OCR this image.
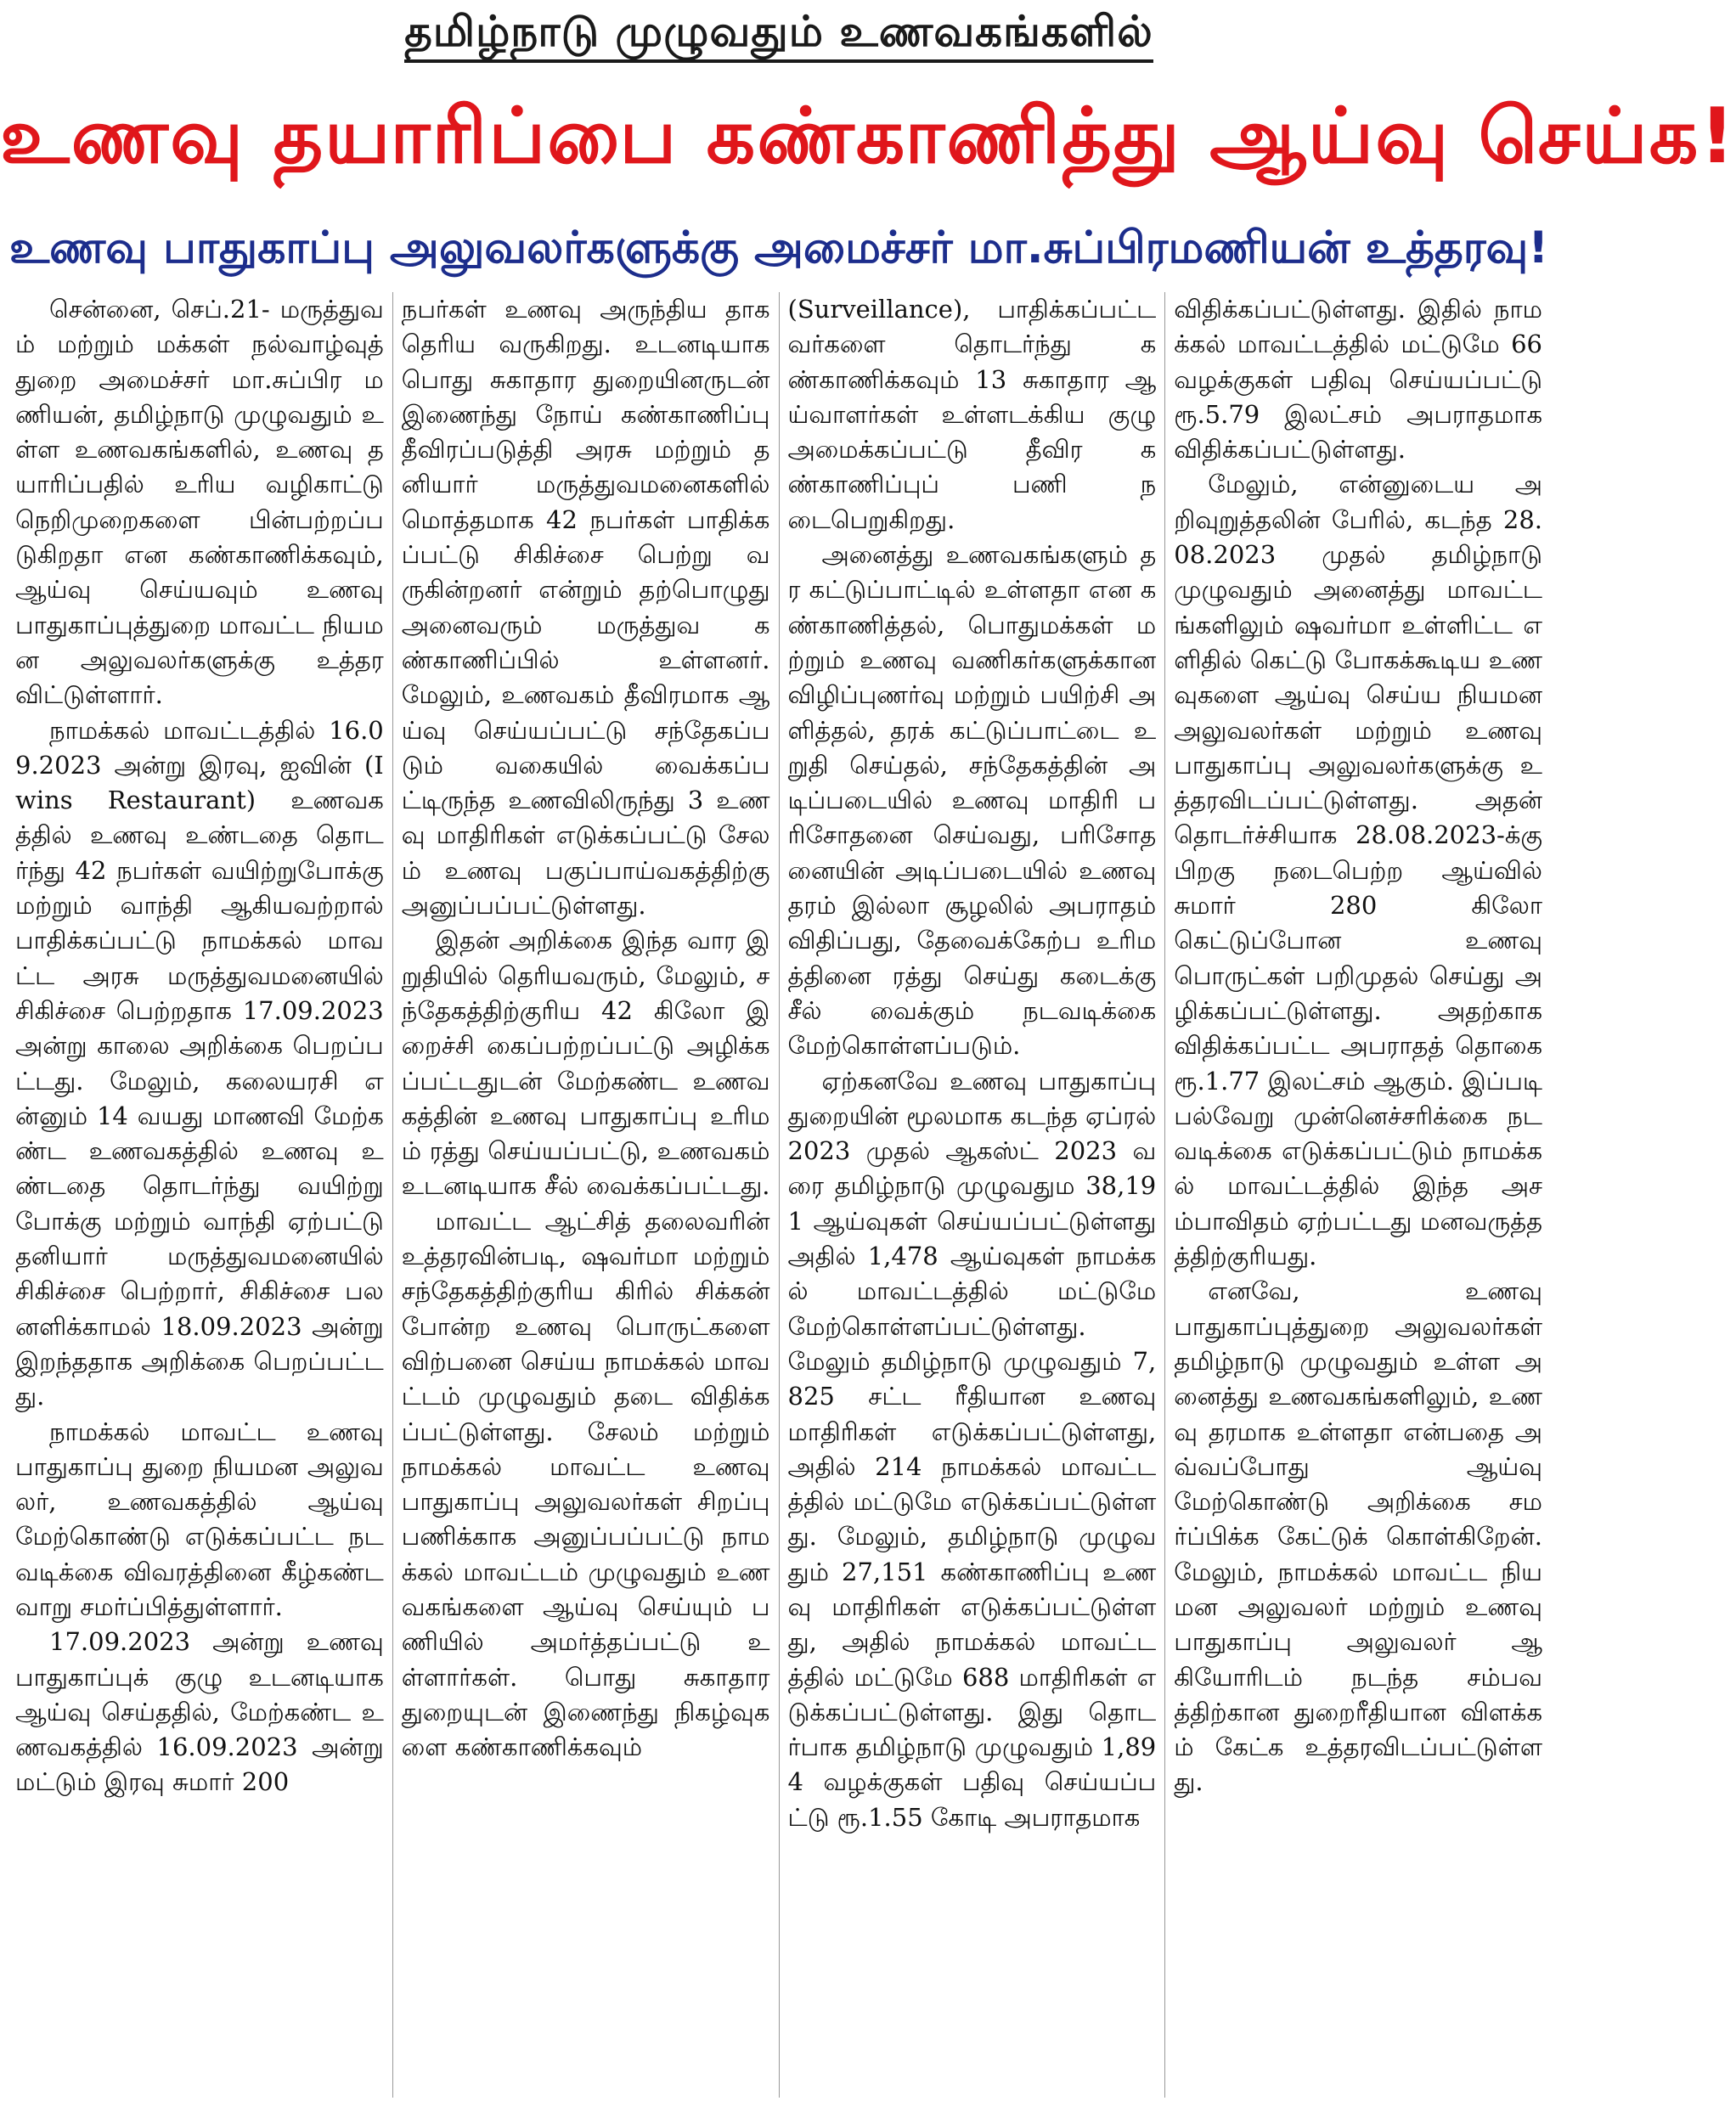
தமிழ்நாடு முழுவதும் உணவகங்களில்
உணவு தயாரிப்பை கண்காணித்து ஆய்வு செய்க!
உணவு பாதுகாப்பு அலுவலர்களுக்கு அமைச்சர் மா.சுப்பிரமணியன் உத்தரவு!

சென்னை, செப்.21- மருத்துவம் மற்றும் மக்கள் நல்வாழ்வுத் துறை அமைச்சர் மா.சுப்பிர மணியன், தமிழ்நாடு முழுவதும் உள்ள உணவகங்களில், உணவு தயாரிப்பதில் உரிய வழிகாட்டு நெறிமுறைகளை பின்பற்றப்படுகிறதா என கண்காணிக்கவும், ஆய்வு செய்யவும் உணவு பாதுகாப்புத்துறை மாவட்ட நியமன அலுவலர்களுக்கு உத்தரவிட்டுள்ளார்.

நாமக்கல் மாவட்டத்தில் 16.09.2023 அன்று இரவு, ஐவின் (Iwins Restaurant) உணவகத்தில் உணவு உண்டதை தொடர்ந்து 42 நபர்கள் வயிற்றுபோக்கு மற்றும் வாந்தி ஆகியவற்றால் பாதிக்கப்பட்டு நாமக்கல் மாவட்ட அரசு மருத்துவமனையில் சிகிச்சை பெற்றதாக 17.09.2023 அன்று காலை அறிக்கை பெறப்பட்டது. மேலும், கலையரசி என்னும் 14 வயது மாணவி மேற்கண்ட உணவகத்தில் உணவு உண்டதை தொடர்ந்து வயிற்று போக்கு மற்றும் வாந்தி ஏற்பட்டு தனியார் மருத்துவமனையில் சிகிச்சை பெற்றார், சிகிச்சை பலனளிக்காமல் 18.09.2023 அன்று இறந்ததாக அறிக்கை பெறப்பட்டது.

நாமக்கல் மாவட்ட உணவு பாதுகாப்பு துறை நியமன அலுவலர், உணவகத்தில் ஆய்வு மேற்கொண்டு எடுக்கப்பட்ட நடவடிக்கை விவரத்தினை கீழ்கண்டவாறு சமர்ப்பித்துள்ளார்.

17.09.2023 அன்று உணவு பாதுகாப்புக் குழு உடனடியாக ஆய்வு செய்ததில், மேற்கண்ட உணவகத்தில் 16.09.2023 அன்று மட்டும் இரவு சுமார் 200

நபர்கள் உணவு அருந்திய தாக தெரிய வருகிறது. உடனடியாக பொது சுகாதார துறையினருடன் இணைந்து நோய் கண்காணிப்பு தீவிரப்படுத்தி அரசு மற்றும் தனியார் மருத்துவமனைகளில் மொத்தமாக 42 நபர்கள் பாதிக்கப்பட்டு சிகிச்சை பெற்று வருகின்றனர் என்றும் தற்பொழுது அனைவரும் மருத்துவ கண்காணிப்பில் உள்ளனர். மேலும், உணவகம் தீவிரமாக ஆய்வு செய்யப்பட்டு சந்தேகப்படும் வகையில் வைக்கப்பட்டிருந்த உணவிலிருந்து 3 உணவு மாதிரிகள் எடுக்கப்பட்டு சேலம் உணவு பகுப்பாய்வகத்திற்கு அனுப்பப்பட்டுள்ளது.

இதன் அறிக்கை இந்த வார இறுதியில் தெரியவரும், மேலும், சந்தேகத்திற்குரிய 42 கிலோ இறைச்சி கைப்பற்றப்பட்டு அழிக்கப்பட்டதுடன் மேற்கண்ட உணவகத்தின் உணவு பாதுகாப்பு உரிமம் ரத்து செய்யப்பட்டு, உணவகம் உடனடியாக சீல் வைக்கப்பட்டது.

மாவட்ட ஆட்சித் தலைவரின் உத்தரவின்படி, ஷவர்மா மற்றும் சந்தேகத்திற்குரிய கிரில் சிக்கன் போன்ற உணவு பொருட்களை விற்பனை செய்ய நாமக்கல் மாவட்டம் முழுவதும் தடை விதிக்கப்பட்டுள்ளது. சேலம் மற்றும் நாமக்கல் மாவட்ட உணவு பாதுகாப்பு அலுவலர்கள் சிறப்பு பணிக்காக அனுப்பப்பட்டு நாமக்கல் மாவட்டம் முழுவதும் உணவகங்களை ஆய்வு செய்யும் பணியில் அமர்த்தப்பட்டு உள்ளார்கள். பொது சுகாதார துறையுடன் இணைந்து நிகழ்வுகளை கண்காணிக்கவும்

(Surveillance), பாதிக்கப்பட்டவர்களை தொடர்ந்து கண்காணிக்கவும் 13 சுகாதார ஆய்வாளர்கள் உள்ளடக்கிய குழு அமைக்கப்பட்டு தீவிர கண்காணிப்புப் பணி நடைபெறுகிறது.

அனைத்து உணவகங்களும் தர கட்டுப்பாட்டில் உள்ளதா என கண்காணித்தல், பொதுமக்கள் மற்றும் உணவு வணிகர்களுக்கான விழிப்புணர்வு மற்றும் பயிற்சி அளித்தல், தரக் கட்டுப்பாட்டை உறுதி செய்தல், சந்தேகத்தின் அடிப்படையில் உணவு மாதிரி பரிசோதனை செய்வது, பரிசோதனையின் அடிப்படையில் உணவு தரம் இல்லா சூழலில் அபராதம் விதிப்பது, தேவைக்கேற்ப உரிமத்தினை ரத்து செய்து கடைக்கு சீல் வைக்கும் நடவடிக்கை மேற்கொள்ளப்படும்.

ஏற்கனவே உணவு பாதுகாப்பு துறையின் மூலமாக கடந்த ஏப்ரல் 2023 முதல் ஆகஸ்ட் 2023 வரை தமிழ்நாடு முழுவதும 38,191 ஆய்வுகள் செய்யப்பட்டுள்ளது அதில் 1,478 ஆய்வுகள் நாமக்கல் மாவட்டத்தில் மட்டுமே மேற்கொள்ளப்பட்டுள்ளது. மேலும் தமிழ்நாடு முழுவதும் 7,825 சட்ட ரீதியான உணவு மாதிரிகள் எடுக்கப்பட்டுள்ளது, அதில் 214 நாமக்கல் மாவட்டத்தில் மட்டுமே எடுக்கப்பட்டுள்ளது. மேலும், தமிழ்நாடு முழுவதும் 27,151 கண்காணிப்பு உணவு மாதிரிகள் எடுக்கப்பட்டுள்ளது, அதில் நாமக்கல் மாவட்டத்தில் மட்டுமே 688 மாதிரிகள் எடுக்கப்பட்டுள்ளது. இது தொடர்பாக தமிழ்நாடு முழுவதும் 1,894 வழக்குகள் பதிவு செய்யப்பட்டு ரூ.1.55 கோடி அபராதமாக

விதிக்கப்பட்டுள்ளது. இதில் நாமக்கல் மாவட்டத்தில் மட்டுமே 66 வழக்குகள் பதிவு செய்யப்பட்டு ரூ.5.79 இலட்சம் அபராதமாக விதிக்கப்பட்டுள்ளது.

மேலும், என்னுடைய அறிவுறுத்தலின் பேரில், கடந்த 28.08.2023 முதல் தமிழ்நாடு முழுவதும் அனைத்து மாவட்டங்களிலும் ஷவர்மா உள்ளிட்ட எளிதில் கெட்டு போகக்கூடிய உணவுகளை ஆய்வு செய்ய நியமன அலுவலர்கள் மற்றும் உணவு பாதுகாப்பு அலுவலர்களுக்கு உத்தரவிடப்பட்டுள்ளது. அதன் தொடர்ச்சியாக 28.08.2023-க்கு பிறகு நடைபெற்ற ஆய்வில் சுமார் 280 கிலோ கெட்டுப்போன உணவு பொருட்கள் பறிமுதல் செய்து அழிக்கப்பட்டுள்ளது. அதற்காக விதிக்கப்பட்ட அபராதத் தொகை ரூ.1.77 இலட்சம் ஆகும். இப்படி பல்வேறு முன்னெச்சரிக்கை நடவடிக்கை எடுக்கப்பட்டும் நாமக்கல் மாவட்டத்தில் இந்த அசம்பாவிதம் ஏற்பட்டது மனவருத்தத்திற்குரியது.

எனவே, உணவு பாதுகாப்புத்துறை அலுவலர்கள் தமிழ்நாடு முழுவதும் உள்ள அனைத்து உணவகங்களிலும், உணவு தரமாக உள்ளதா என்பதை அவ்வப்போது ஆய்வு மேற்கொண்டு அறிக்கை சமர்ப்பிக்க கேட்டுக் கொள்கிறேன். மேலும், நாமக்கல் மாவட்ட நியமன அலுவலர் மற்றும் உணவு பாதுகாப்பு அலுவலர் ஆகியோரிடம் நடந்த சம்பவத்திற்கான துறைரீதியான விளக்கம் கேட்க உத்தரவிடப்பட்டுள்ளது.
